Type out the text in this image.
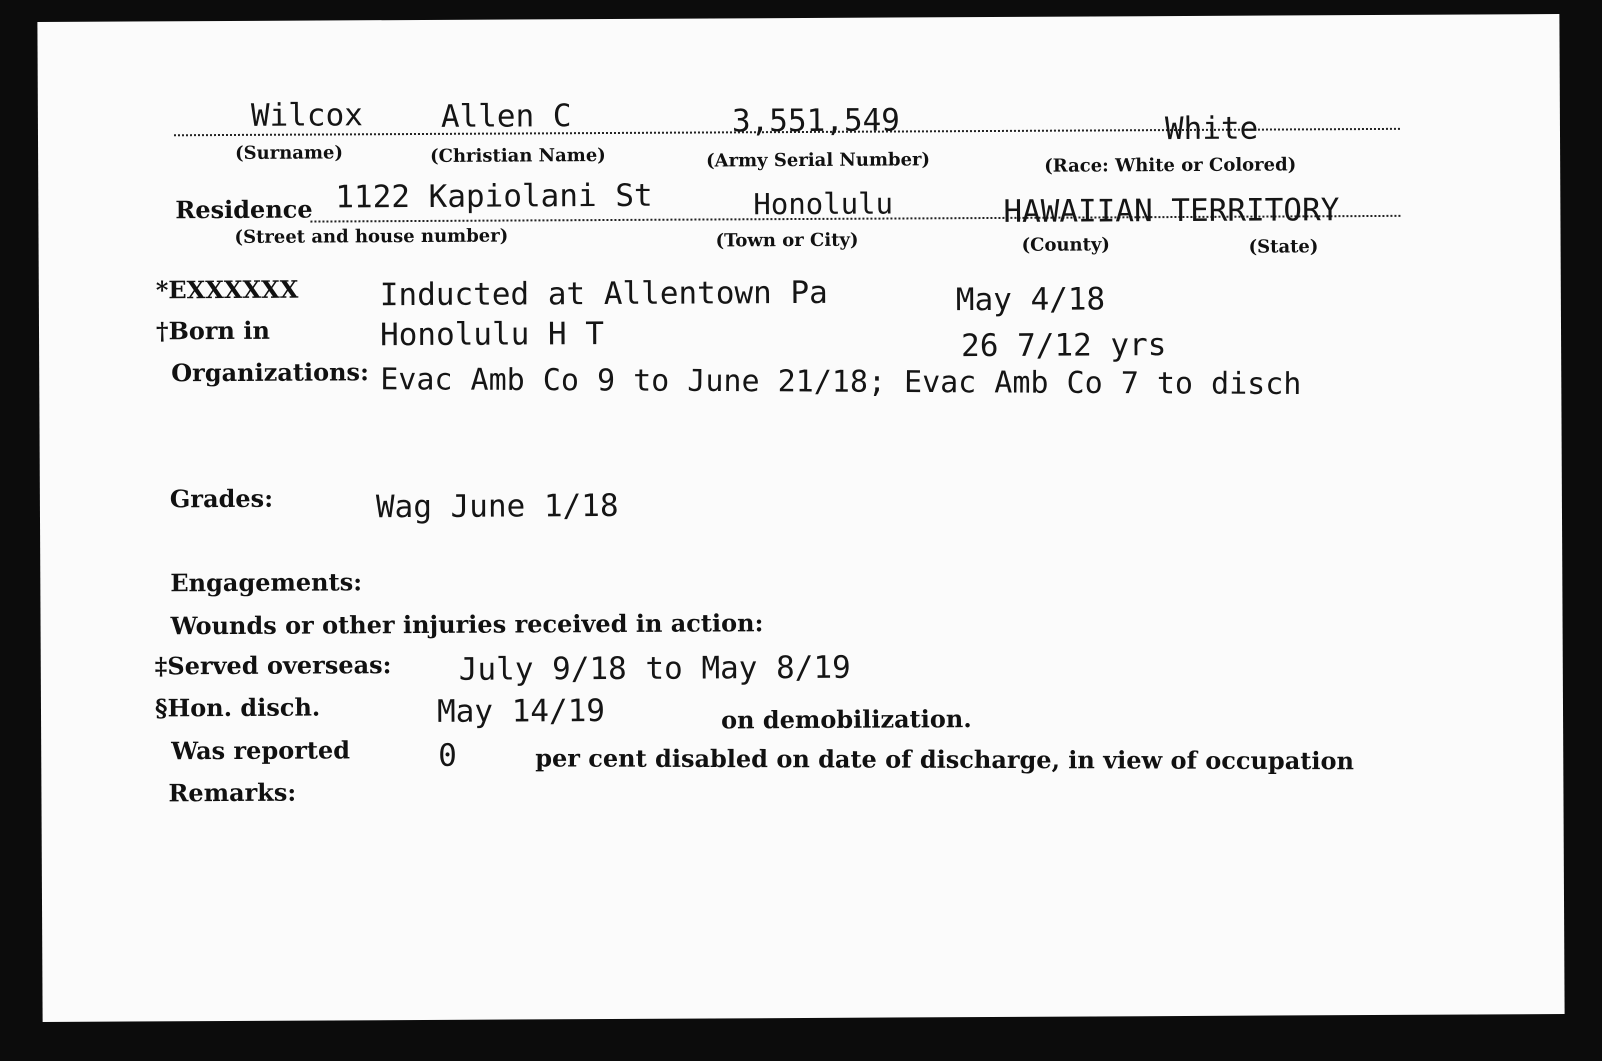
Wilcox	Allen C	3,551,549	White
(Surname)	(Christian Name)	(Army Serial Number)	(Race: White or Colored)
Residence 1122 Kapiolani St	Honolulu	HAWAIIAN TERRITORY
(Street and house number)	(Town or City)	(County)	(State)
*EXXXXXX	Inducted at Allentown Pa	May 4/18
†Born in	Honolulu H T	26 7/12 yrs
Organizations: Evac Amb Co 9 to June 21/18; Evac Amb Co 7 to disch
Grades:	Wag June 1/18
Engagements:
Wounds or other injuries received in action:
‡Served overseas: July 9/18 to May 8/19
§Hon. disch.	May 14/19	on demobilization.
Was reported	0	per cent disabled on date of discharge, in view of occupation
Remarks:
